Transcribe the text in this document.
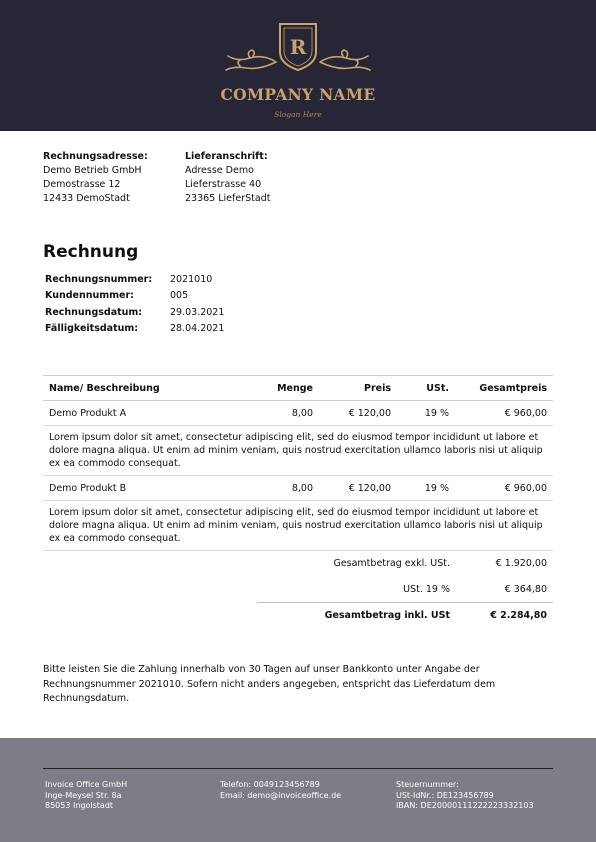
R
COMPANY NAME
Slogan Here
Rechnungsadresse:
Demo Betrieb GmbH
Demostrasse 12
12433 DemoStadt
Lieferanschrift:
Adresse Demo
Lieferstrasse 40
23365 LieferStadt
Rechnung
Rechnungsnummer:	2021010
Kundennummer:	005
Rechnungsdatum:	29.03.2021
Fälligkeitsdatum:	28.04.2021
Name/ Beschreibung	Menge	Preis	USt.	Gesamtpreis
Demo Produkt A	8,00	€ 120,00	19 %	€ 960,00
Lorem ipsum dolor sit amet, consectetur adipiscing elit, sed do eiusmod tempor incididunt ut labore et dolore magna aliqua. Ut enim ad minim veniam, quis nostrud exercitation ullamco laboris nisi ut aliquip ex ea commodo consequat.
Demo Produkt B	8,00	€ 120,00	19 %	€ 960,00
Lorem ipsum dolor sit amet, consectetur adipiscing elit, sed do eiusmod tempor incididunt ut labore et dolore magna aliqua. Ut enim ad minim veniam, quis nostrud exercitation ullamco laboris nisi ut aliquip ex ea commodo consequat.
Gesamtbetrag exkl. USt.	€ 1.920,00
USt. 19 %	€ 364,80
Gesamtbetrag inkl. USt	€ 2.284,80
Bitte leisten Sie die Zahlung innerhalb von 30 Tagen auf unser Bankkonto unter Angabe der Rechnungsnummer 2021010. Sofern nicht anders angegeben, entspricht das Lieferdatum dem Rechnungsdatum.
Invoice Office GmbH
Inge-Meysel Str. 8a
85053 Ingolstadt
Telefon: 0049123456789
Email: demo@invoiceoffice.de
Steuernummer:
USt-IdNr.: DE123456789
IBAN: DE20000111222223332103
